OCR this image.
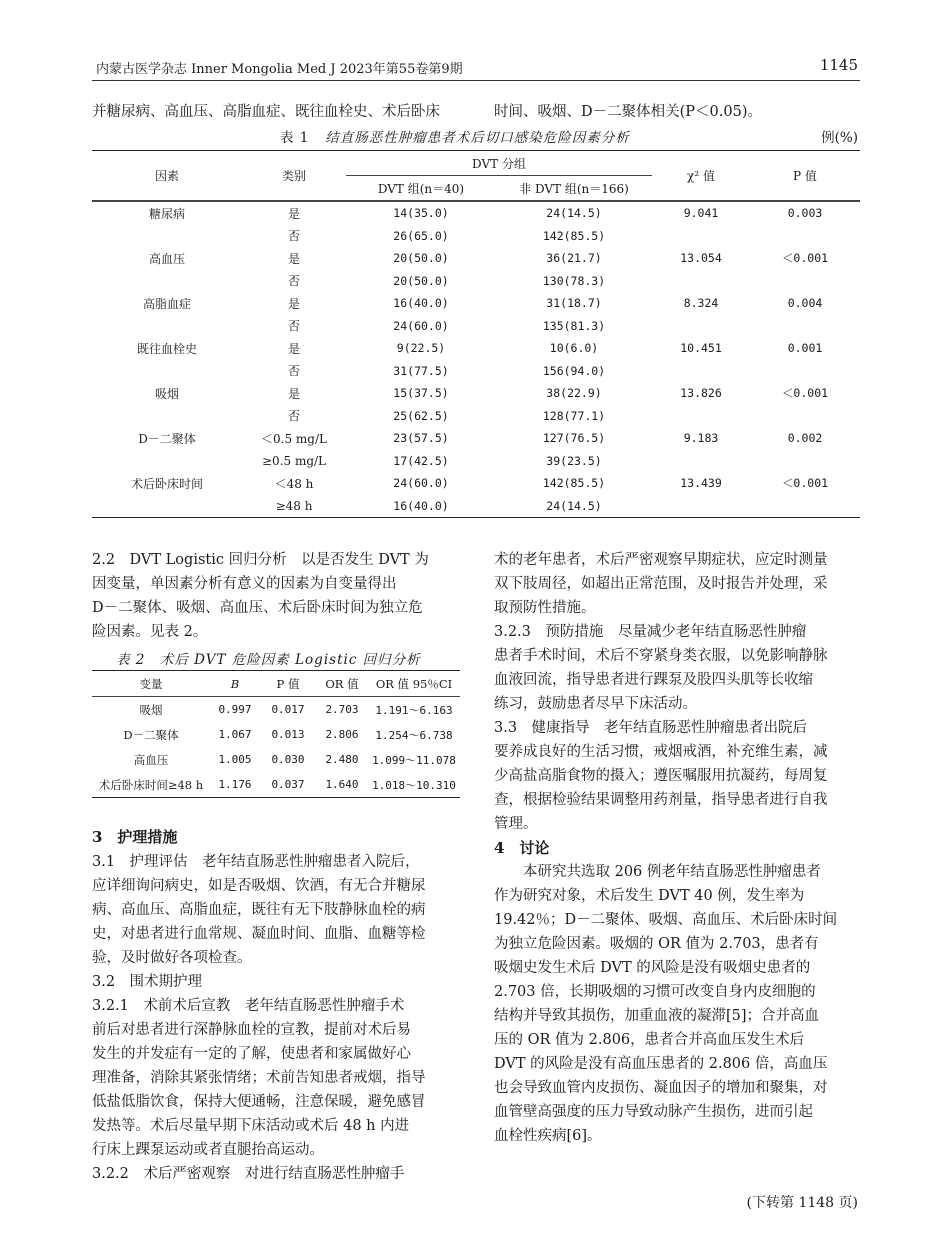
内蒙古医学杂志 Inner Mongolia Med J 2023年第55卷第9期	1145
并糖尿病、高血压、高脂血症、既往血栓史、术后卧床	时间、吸烟、D－二聚体相关(P＜0.05)。
表 1 结直肠恶性肿瘤患者术后切口感染危险因素分析	例(%)
因素	类别	DVT 分组		χ² 值	P 值
		DVT 组(n＝40)	非 DVT 组(n＝166)		

糖尿病	是	14(35.0)	24(14.5)	9.041	0.003
	否	26(65.0)	142(85.5)		
高血压	是	20(50.0)	36(21.7)	13.054	＜0.001
	否	20(50.0)	130(78.3)		
高脂血症	是	16(40.0)	31(18.7)	8.324	0.004
	否	24(60.0)	135(81.3)		
既往血栓史	是	9(22.5)	10(6.0)	10.451	0.001
	否	31(77.5)	156(94.0)		
吸烟	是	15(37.5)	38(22.9)	13.826	＜0.001
	否	25(62.5)	128(77.1)		
D－二聚体	＜0.5 mg/L	23(57.5)	127(76.5)	9.183	0.002
	≥0.5 mg/L	17(42.5)	39(23.5)		
术后卧床时间	＜48 h	24(60.0)	142(85.5)	13.439	＜0.001
	≥48 h	16(40.0)	24(14.5)		
2.2　DVT Logistic 回归分析　以是否发生 DVT 为
因变量，单因素分析有意义的因素为自变量得出
D－二聚体、吸烟、高血压、术后卧床时间为独立危
险因素。见表 2。
表 2　术后 DVT 危险因素 Logistic 回归分析
变量	B	P 值	OR 值	OR 值 95％CI
吸烟	0.997	0.017	2.703	1.191～6.163
D－二聚体	1.067	0.013	2.806	1.254～6.738
高血压	1.005	0.030	2.480	1.099～11.078
术后卧床时间≥48 h	1.176	0.037	1.640	1.018～10.310
3　护理措施
3.1　护理评估　老年结直肠恶性肿瘤患者入院后，
应详细询问病史，如是否吸烟、饮酒，有无合并糖尿
病、高血压、高脂血症，既往有无下肢静脉血栓的病
史，对患者进行血常规、凝血时间、血脂、血糖等检
验，及时做好各项检查。
3.2　围术期护理
3.2.1　术前术后宣教　老年结直肠恶性肿瘤手术
前后对患者进行深静脉血栓的宣教，提前对术后易
发生的并发症有一定的了解，使患者和家属做好心
理准备，消除其紧张情绪；术前告知患者戒烟，指导
低盐低脂饮食，保持大便通畅，注意保暖，避免感冒
发热等。术后尽量早期下床活动或术后 48 h 内进
行床上踝泵运动或者直腿抬高运动。
3.2.2　术后严密观察　对进行结直肠恶性肿瘤手
术的老年患者，术后严密观察早期症状，应定时测量
双下肢周径，如超出正常范围，及时报告并处理，采
取预防性措施。
3.2.3　预防措施　尽量减少老年结直肠恶性肿瘤
患者手术时间，术后不穿紧身类衣服，以免影响静脉
血液回流，指导患者进行踝泵及股四头肌等长收缩
练习，鼓励患者尽早下床活动。
3.3　健康指导　老年结直肠恶性肿瘤患者出院后
要养成良好的生活习惯，戒烟戒酒，补充维生素，减
少高盐高脂食物的摄入；遵医嘱服用抗凝药，每周复
查，根据检验结果调整用药剂量，指导患者进行自我
管理。
4　讨论
　　本研究共选取 206 例老年结直肠恶性肿瘤患者
作为研究对象，术后发生 DVT 40 例，发生率为
19.42％；D－二聚体、吸烟、高血压、术后卧床时间
为独立危险因素。吸烟的 OR 值为 2.703，患者有
吸烟史发生术后 DVT 的风险是没有吸烟史患者的
2.703 倍，长期吸烟的习惯可改变自身内皮细胞的
结构并导致其损伤，加重血液的凝滞[5]；合并高血
压的 OR 值为 2.806，患者合并高血压发生术后
DVT 的风险是没有高血压患者的 2.806 倍，高血压
也会导致血管内皮损伤、凝血因子的增加和聚集，对
血管壁高强度的压力导致动脉产生损伤，进而引起
血栓性疾病[6]。
(下转第 1148 页)
